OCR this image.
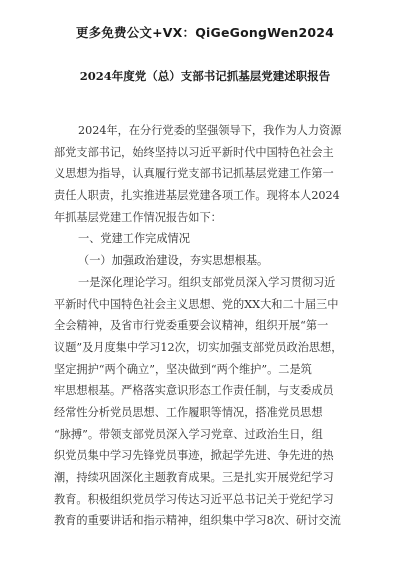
更多免费公文+VX：QiGeGongWen2024
2024年度党（总）支部书记抓基层党建述职报告
2024年，在分行党委的坚强领导下，我作为人力资源
部党支部书记，始终坚持以习近平新时代中国特色社会主
义思想为指导，认真履行党支部书记抓基层党建工作第一
责任人职责，扎实推进基层党建各项工作。现将本人2024
年抓基层党建工作情况报告如下：
一、党建工作完成情况
（一）加强政治建设，夯实思想根基。
一是深化理论学习。组织支部党员深入学习贯彻习近
平新时代中国特色社会主义思想、党的XX大和二十届三中
全会精神，及省市行党委重要会议精神，组织开展“第一
议题”及月度集中学习12次，切实加强支部党员政治思想，
坚定拥护“两个确立”，坚决做到“两个维护”。二是筑
牢思想根基。严格落实意识形态工作责任制，与支委成员
经常性分析党员思想、工作履职等情况，搭准党员思想
“脉搏”。带领支部党员深入学习党章、过政治生日，组
织党员集中学习先锋党员事迹，掀起学先进、争先进的热
潮，持续巩固深化主题教育成果。三是扎实开展党纪学习
教育。积极组织党员学习传达习近平总书记关于党纪学习
教育的重要讲话和指示精神，组织集中学习8次、研讨交流
